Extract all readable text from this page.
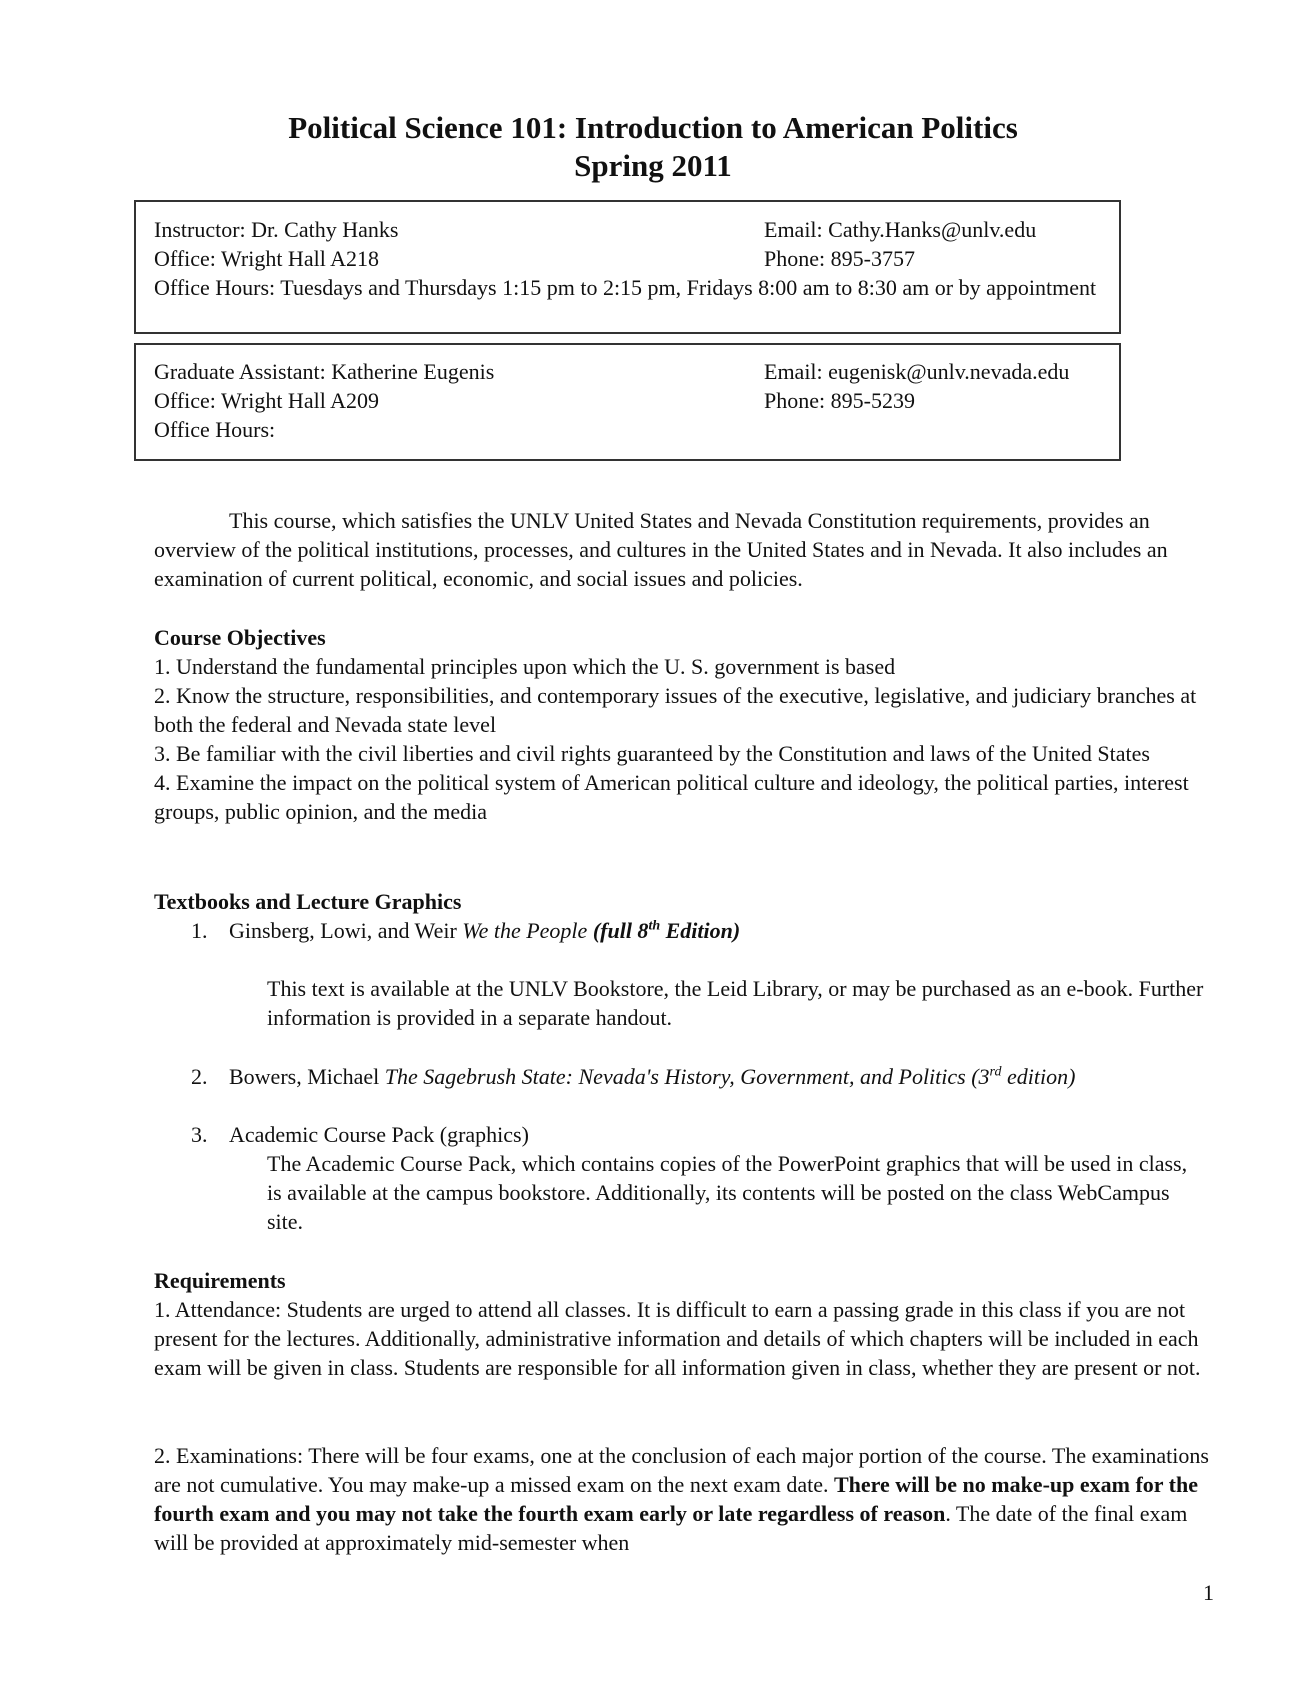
Political Science 101: Introduction to American Politics
Spring 2011
Instructor: Dr. Cathy Hanks	Email: Cathy.Hanks@unlv.edu
Office: Wright Hall A218	Phone: 895-3757
Office Hours: Tuesdays and Thursdays 1:15 pm to 2:15 pm, Fridays 8:00 am to 8:30 am or by appointment
Graduate Assistant: Katherine Eugenis	Email: eugenisk@unlv.nevada.edu
Office: Wright Hall A209	Phone: 895-5239
Office Hours:
This course, which satisfies the UNLV United States and Nevada Constitution requirements, provides an overview of the political institutions, processes, and cultures in the United States and in Nevada. It also includes an examination of current political, economic, and social issues and policies.
Course Objectives

1. Understand the fundamental principles upon which the U. S. government is based

2. Know the structure, responsibilities, and contemporary issues of the executive, legislative, and judiciary branches at both the federal and Nevada state level

3. Be familiar with the civil liberties and civil rights guaranteed by the Constitution and laws of the United States

4. Examine the impact on the political system of American political culture and ideology, the political parties, interest groups, public opinion, and the media

Textbooks and Lecture Graphics
1. Ginsberg, Lowi, and Weir We the People (full 8th Edition)
This text is available at the UNLV Bookstore, the Leid Library, or may be purchased as an e-book. Further information is provided in a separate handout.
2. Bowers, Michael The Sagebrush State: Nevada's History, Government, and Politics (3rd edition)
3. Academic Course Pack (graphics)
The Academic Course Pack, which contains copies of the PowerPoint graphics that will be used in class, is available at the campus bookstore. Additionally, its contents will be posted on the class WebCampus site.
Requirements
1. Attendance: Students are urged to attend all classes. It is difficult to earn a passing grade in this class if you are not present for the lectures. Additionally, administrative information and details of which chapters will be included in each exam will be given in class. Students are responsible for all information given in class, whether they are present or not.
2. Examinations: There will be four exams, one at the conclusion of each major portion of the course. The examinations are not cumulative. You may make-up a missed exam on the next exam date. There will be no make-up exam for the fourth exam and you may not take the fourth exam early or late regardless of reason. The date of the final exam will be provided at approximately mid-semester when
1
